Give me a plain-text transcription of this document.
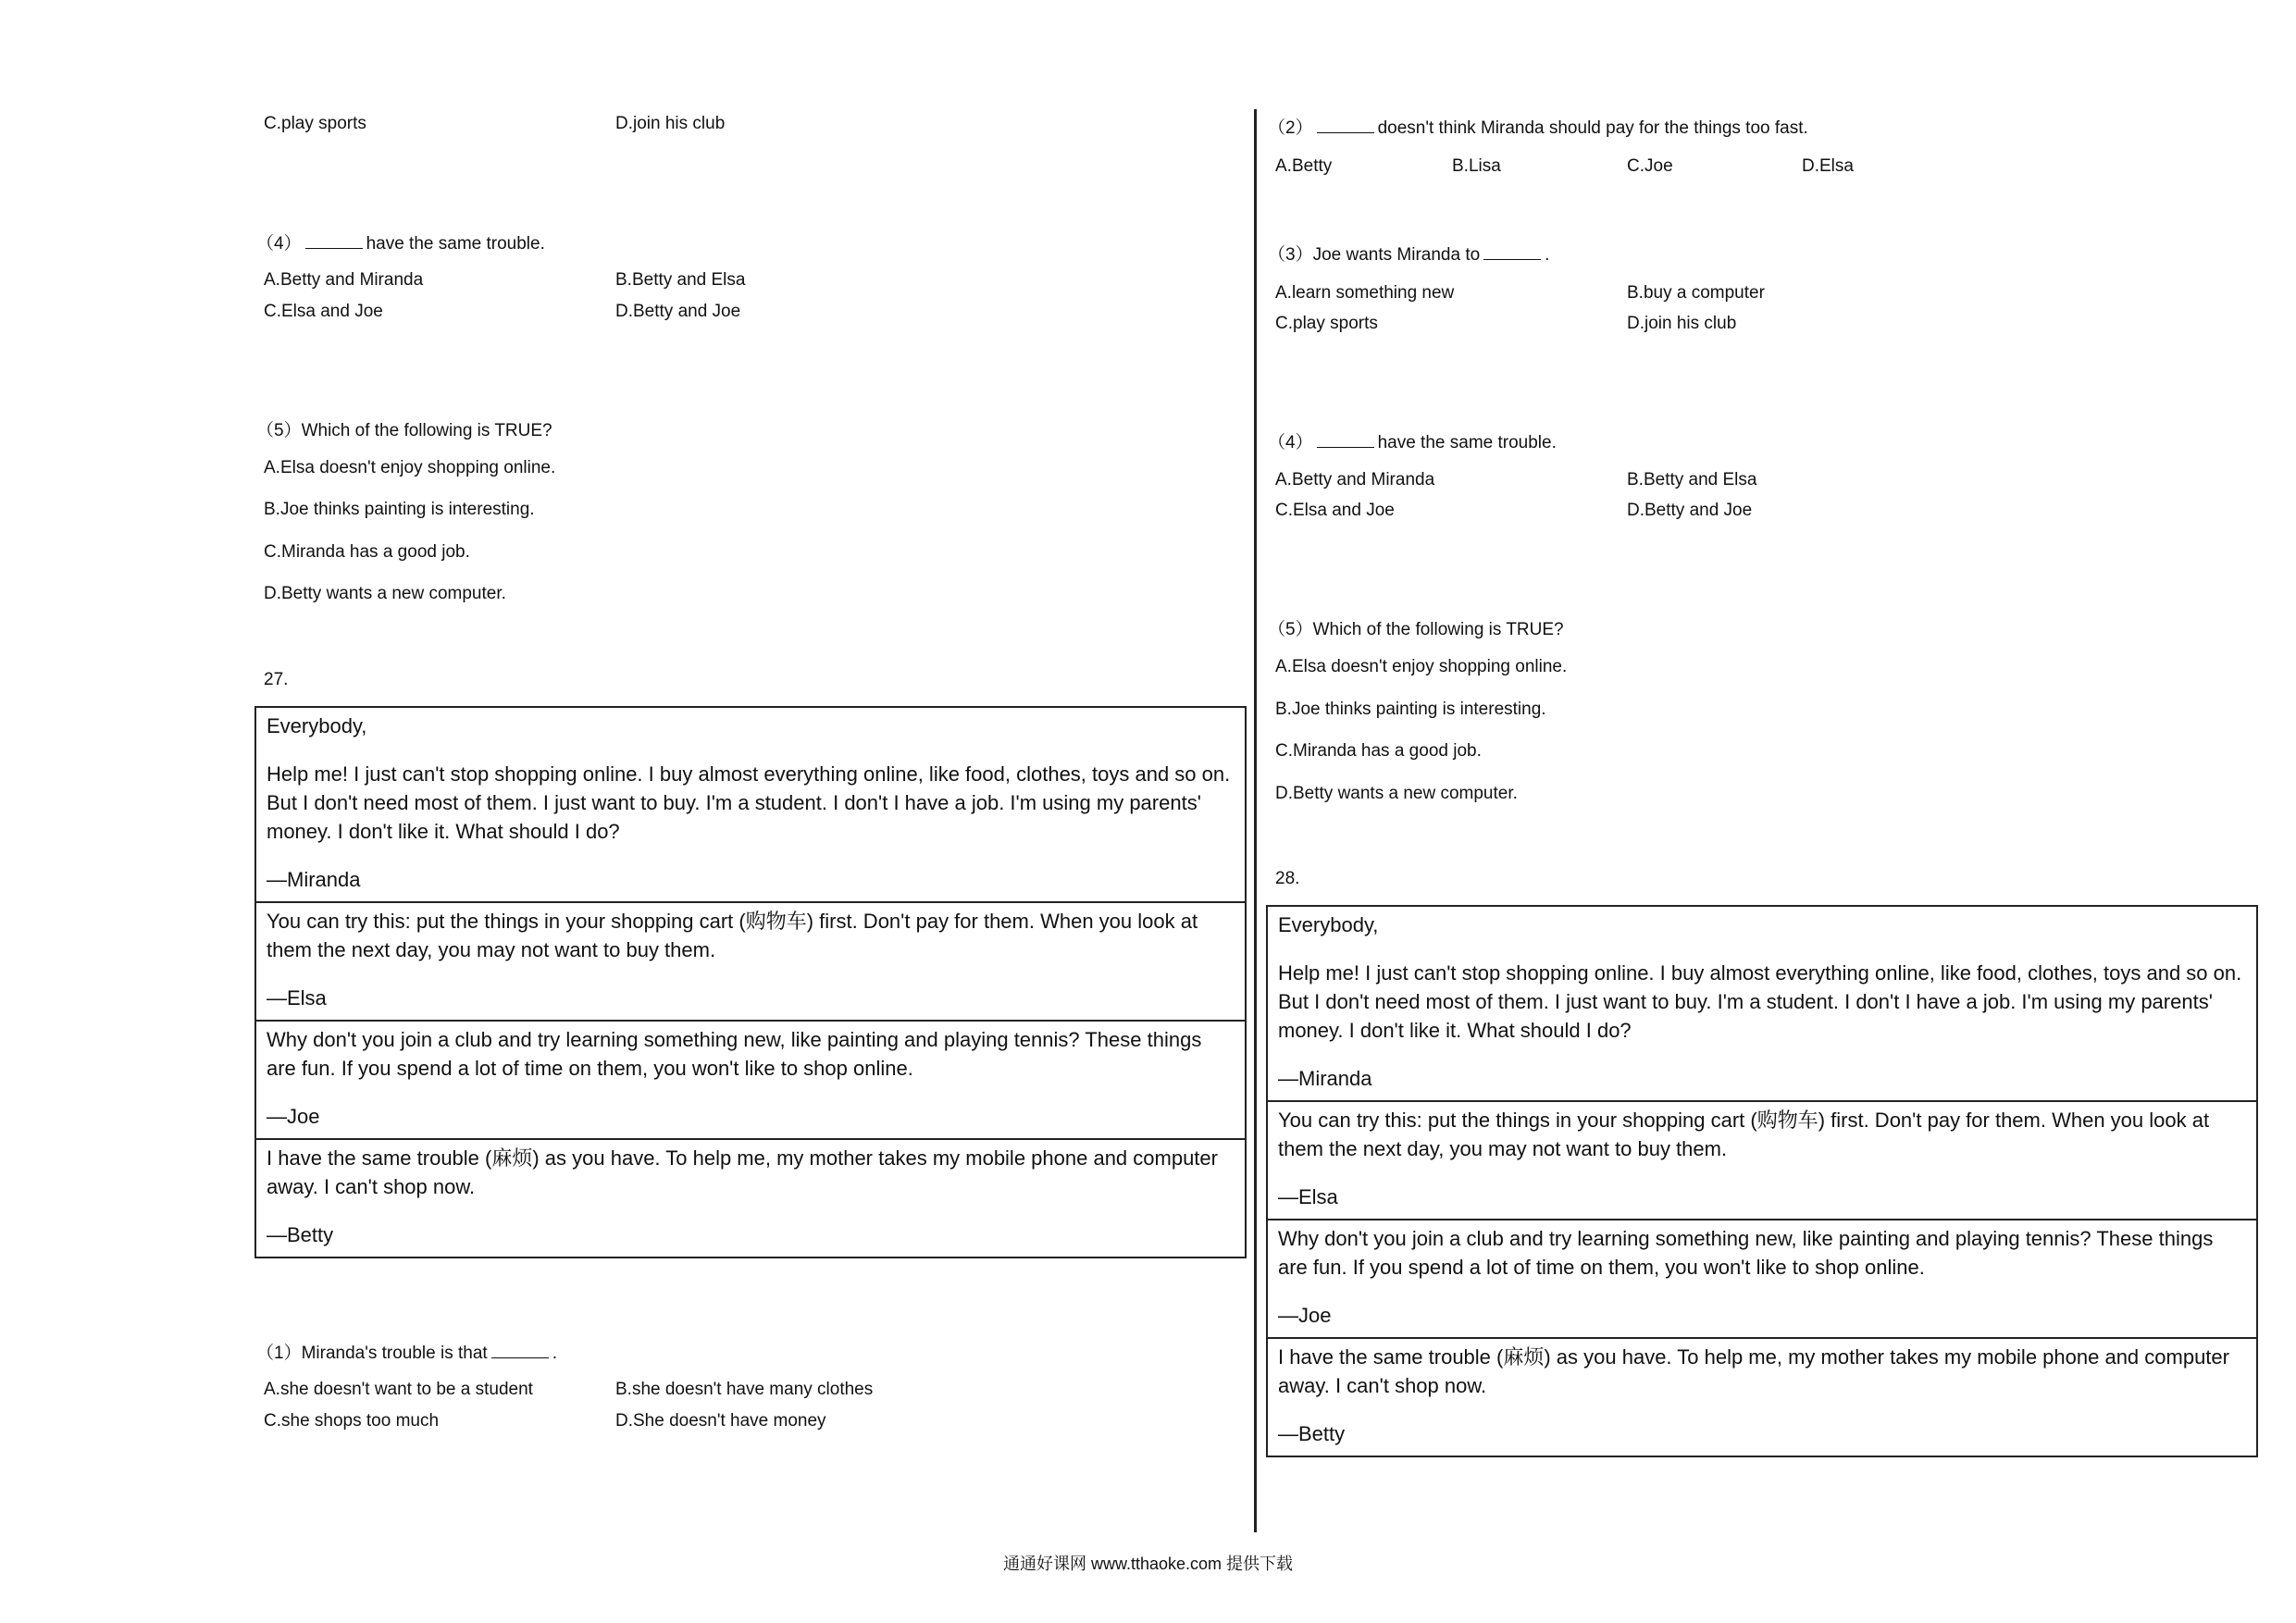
C.play sports	D.join his club
（4）	have the same trouble.
A.Betty and Miranda	B.Betty and Elsa
C.Elsa and Joe	D.Betty and Joe
（5）Which of the following is TRUE?
A.Elsa doesn't enjoy shopping online.
B.Joe thinks painting is interesting.
C.Miranda has a good job.
D.Betty wants a new computer.
27.

Everybody,

Help me! I just can't stop shopping online. I buy almost everything online, like food, clothes, toys and so on. But I don't need most of them. I just want to buy. I'm a student. I don't I have a job. I'm using my parents' money. I don't like it. What should I do?

—Miranda

You can try this: put the things in your shopping cart (购物车) first. Don't pay for them. When you look at them the next day, you may not want to buy them.

—Elsa

Why don't you join a club and try learning something new, like painting and playing tennis? These things are fun. If you spend a lot of time on them, you won't like to shop online.

—Joe

I have the same trouble (麻烦) as you have. To help me, my mother takes my mobile phone and computer away. I can't shop now.

—Betty

（1）Miranda's trouble is that	.
A.she doesn't want to be a student	B.she doesn't have many clothes
C.she shops too much	D.She doesn't have money
（2）	doesn't think Miranda should pay for the things too fast.
A.Betty	B.Lisa	C.Joe	D.Elsa
（3）Joe wants Miranda to	.
A.learn something new	B.buy a computer
C.play sports	D.join his club
（4）	have the same trouble.
A.Betty and Miranda	B.Betty and Elsa
C.Elsa and Joe	D.Betty and Joe
（5）Which of the following is TRUE?
A.Elsa doesn't enjoy shopping online.
B.Joe thinks painting is interesting.
C.Miranda has a good job.
D.Betty wants a new computer.
28.

Everybody,

Help me! I just can't stop shopping online. I buy almost everything online, like food, clothes, toys and so on. But I don't need most of them. I just want to buy. I'm a student. I don't I have a job. I'm using my parents' money. I don't like it. What should I do?

—Miranda

You can try this: put the things in your shopping cart (购物车) first. Don't pay for them. When you look at them the next day, you may not want to buy them.

—Elsa

Why don't you join a club and try learning something new, like painting and playing tennis? These things are fun. If you spend a lot of time on them, you won't like to shop online.

—Joe

I have the same trouble (麻烦) as you have. To help me, my mother takes my mobile phone and computer away. I can't shop now.

—Betty

通通好课网 www.tthaoke.com 提供下载
